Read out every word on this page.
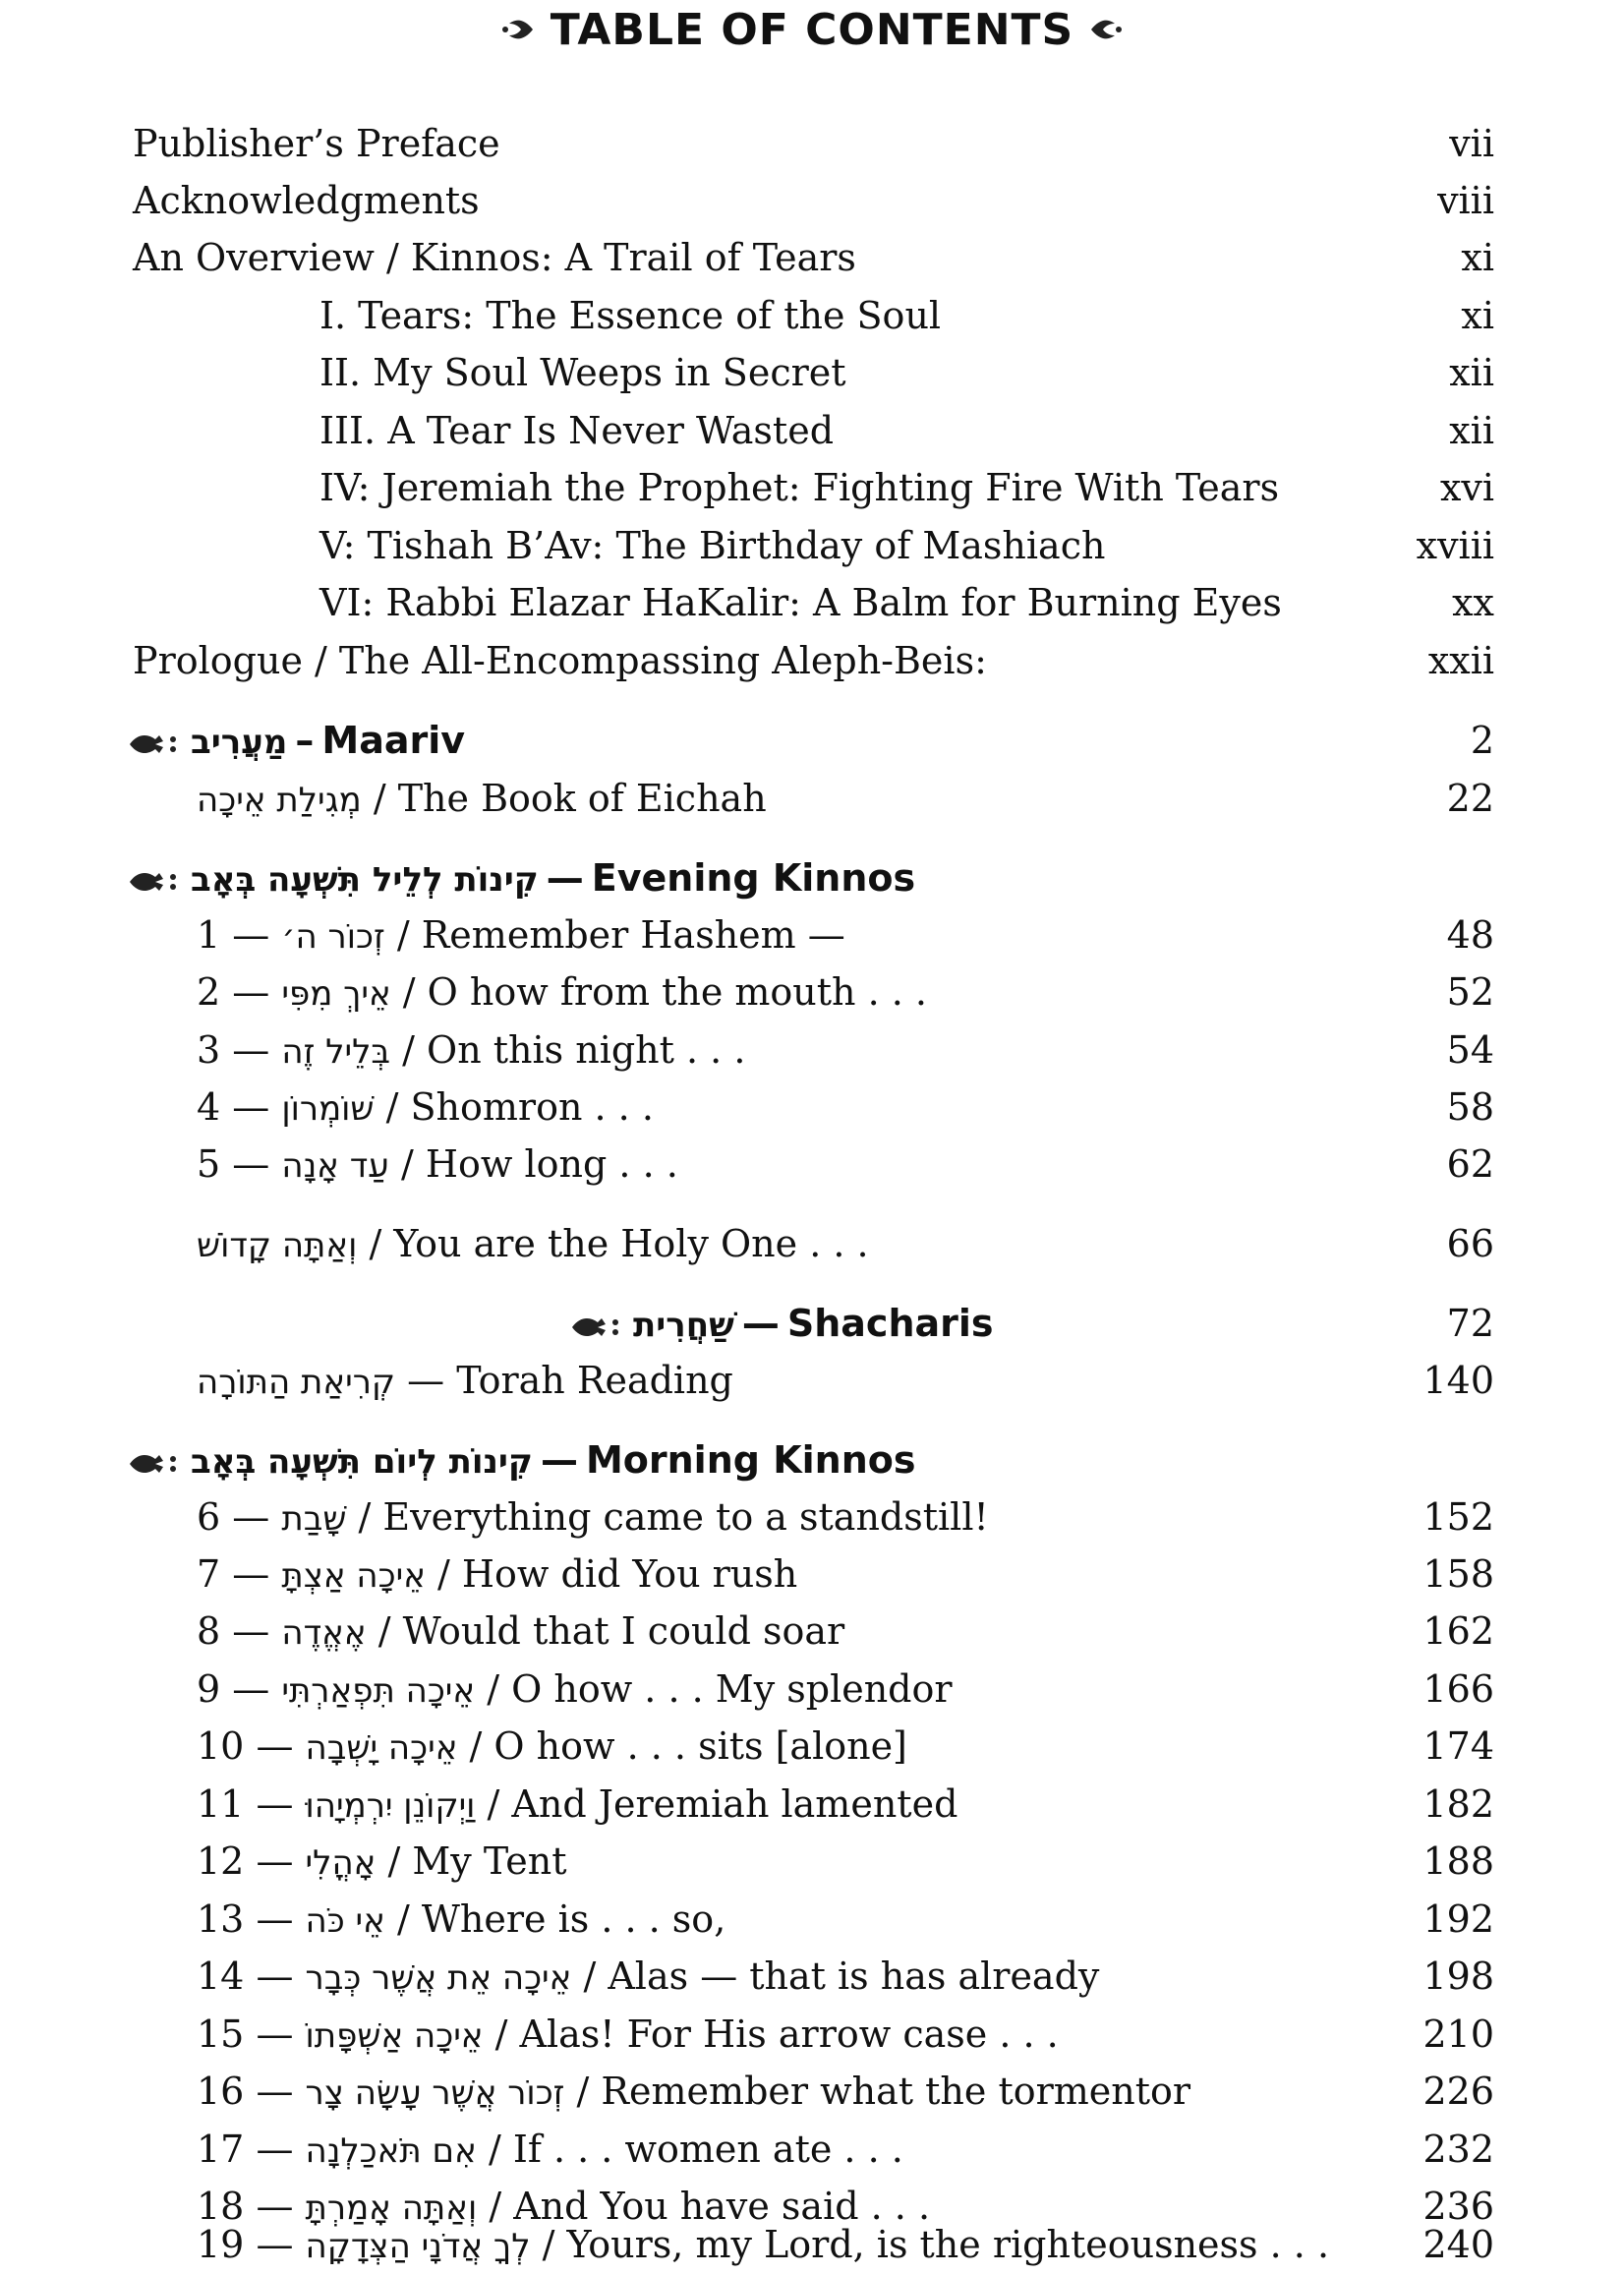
TABLE OF CONTENTS
Publisher’s Preface	vii
Acknowledgments	viii
An Overview / Kinnos: A Trail of Tears	xi
I. Tears: The Essence of the Soul	xi
II. My Soul Weeps in Secret	xii
III. A Tear Is Never Wasted	xii
IV: Jeremiah the Prophet: Fighting Fire With Tears	xvi
V: Tishah B’Av: The Birthday of Mashiach	xviii
VI: Rabbi Elazar HaKalir: A Balm for Burning Eyes	xx
Prologue / The All-Encompassing Aleph-Beis:	xxii
מַעֲרִיב – Maariv	2
מְגִילַת אֵיכָה / The Book of Eichah	22
קִינוֹת לְלֵיל תִּשְׁעָה בְּאָב — Evening Kinnos
1 — זְכוֹר ה׳ / Remember Hashem —	48
2 — אֵיךְ מִפִּי / O how from the mouth . . .	52
3 — בְּלֵיל זֶה / On this night . . .	54
4 — שׁוֹמְרוֹן / Shomron . . .	58
5 — עַד אָנָה / How long . . .	62
וְאַתָּה קָדוֹשׁ / You are the Holy One . . .	66
שַׁחֲרִית — Shacharis	72
קְרִיאַת הַתּוֹרָה — Torah Reading	140
קִינוֹת לְיוֹם תִּשְׁעָה בְּאָב — Morning Kinnos
6 — שָׁבַת / Everything came to a standstill!	152
7 — אֵיכָה אַצְתָּ / How did You rush	158
8 — אֶאֱדֶה / Would that I could soar	162
9 — אֵיכָה תִּפְאַרְתִּי / O how . . . My splendor	166
10 — אֵיכָה יָשְׁבָה / O how . . . sits [alone]	174
11 — וַיְקוֹנֵן יִרְמְיָהוּ / And Jeremiah lamented	182
12 — אָהֳלִי / My Tent	188
13 — אֵי כֹּה / Where is . . . so,	192
14 — אֵיכָה אֵת אֲשֶׁר כְּבָר / Alas — that is has already	198
15 — אֵיכָה אַשְׁפָּתוֹ / Alas! For His arrow case . . .	210
16 — זְכוֹר אֲשֶׁר עָשָׂה צָר / Remember what the tormentor	226
17 — אִם תֹּאכַלְנָה / If . . . women ate . . .	232
18 — וְאַתָּה אָמַרְתָּ / And You have said . . .	236
19 — לְךָ אֲדֹנָי הַצְּדָקָה / Yours, my Lord, is the righteousness . . .	240
